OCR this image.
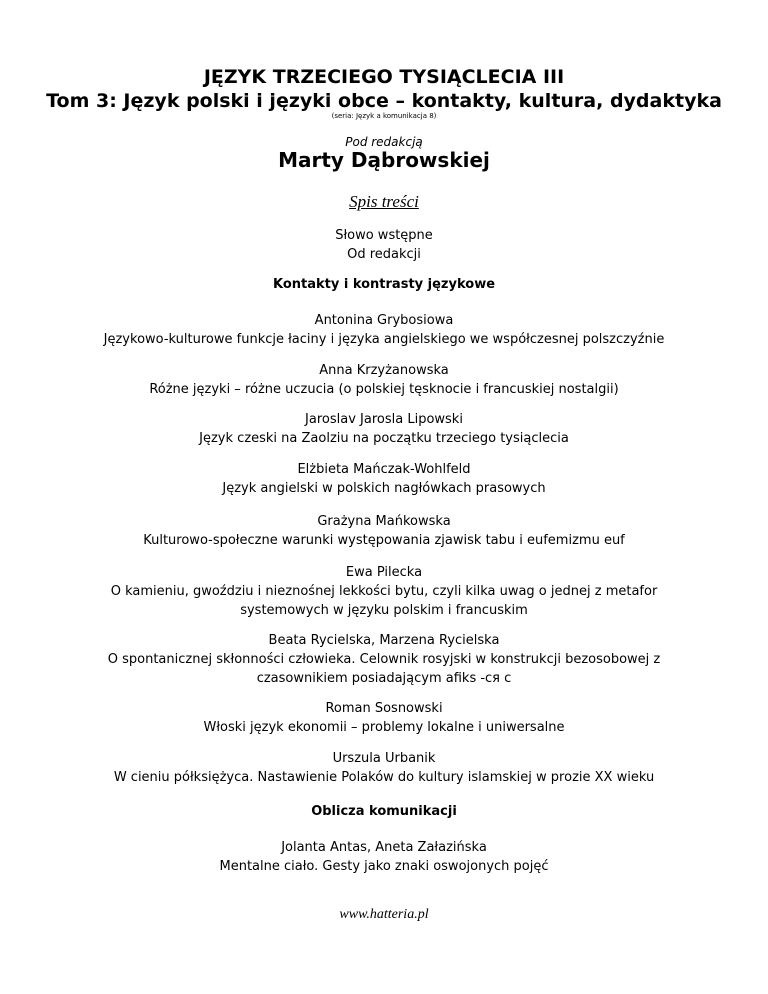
JĘZYK TRZECIEGO TYSIĄCLECIA III
Tom 3: Język polski i języki obce – kontakty, kultura, dydaktyka
(seria: Język a komunikacja 8)
Pod redakcją
Marty Dąbrowskiej
Spis treści
Słowo wstępne
Od redakcji
Kontakty i kontrasty językowe
Antonina Grybosiowa
Językowo-kulturowe funkcje łaciny i języka angielskiego we współczesnej polszczyźnie
Anna Krzyżanowska
Różne języki – różne uczucia (o polskiej tęsknocie i francuskiej nostalgii)
Jaroslav Jarosla Lipowski
Język czeski na Zaolziu na początku trzeciego tysiąclecia
Elżbieta Mańczak-Wohlfeld
Język angielski w polskich nagłówkach prasowych
Grażyna Mańkowska
Kulturowo-społeczne warunki występowania zjawisk tabu i eufemizmu euf
Ewa Pilecka
O kamieniu, gwoździu i nieznośnej lekkości bytu, czyli kilka uwag o jednej z metafor
systemowych w języku polskim i francuskim
Beata Rycielska, Marzena Rycielska
O spontanicznej skłonności człowieka. Celownik rosyjski w konstrukcji bezosobowej z
czasownikiem posiadającym afiks -ся с
Roman Sosnowski
Włoski język ekonomii – problemy lokalne i uniwersalne
Urszula Urbanik
W cieniu półksiężyca. Nastawienie Polaków do kultury islamskiej w prozie XX wieku
Oblicza komunikacji
Jolanta Antas, Aneta Załazińska
Mentalne ciało. Gesty jako znaki oswojonych pojęć
www.hatteria.pl
